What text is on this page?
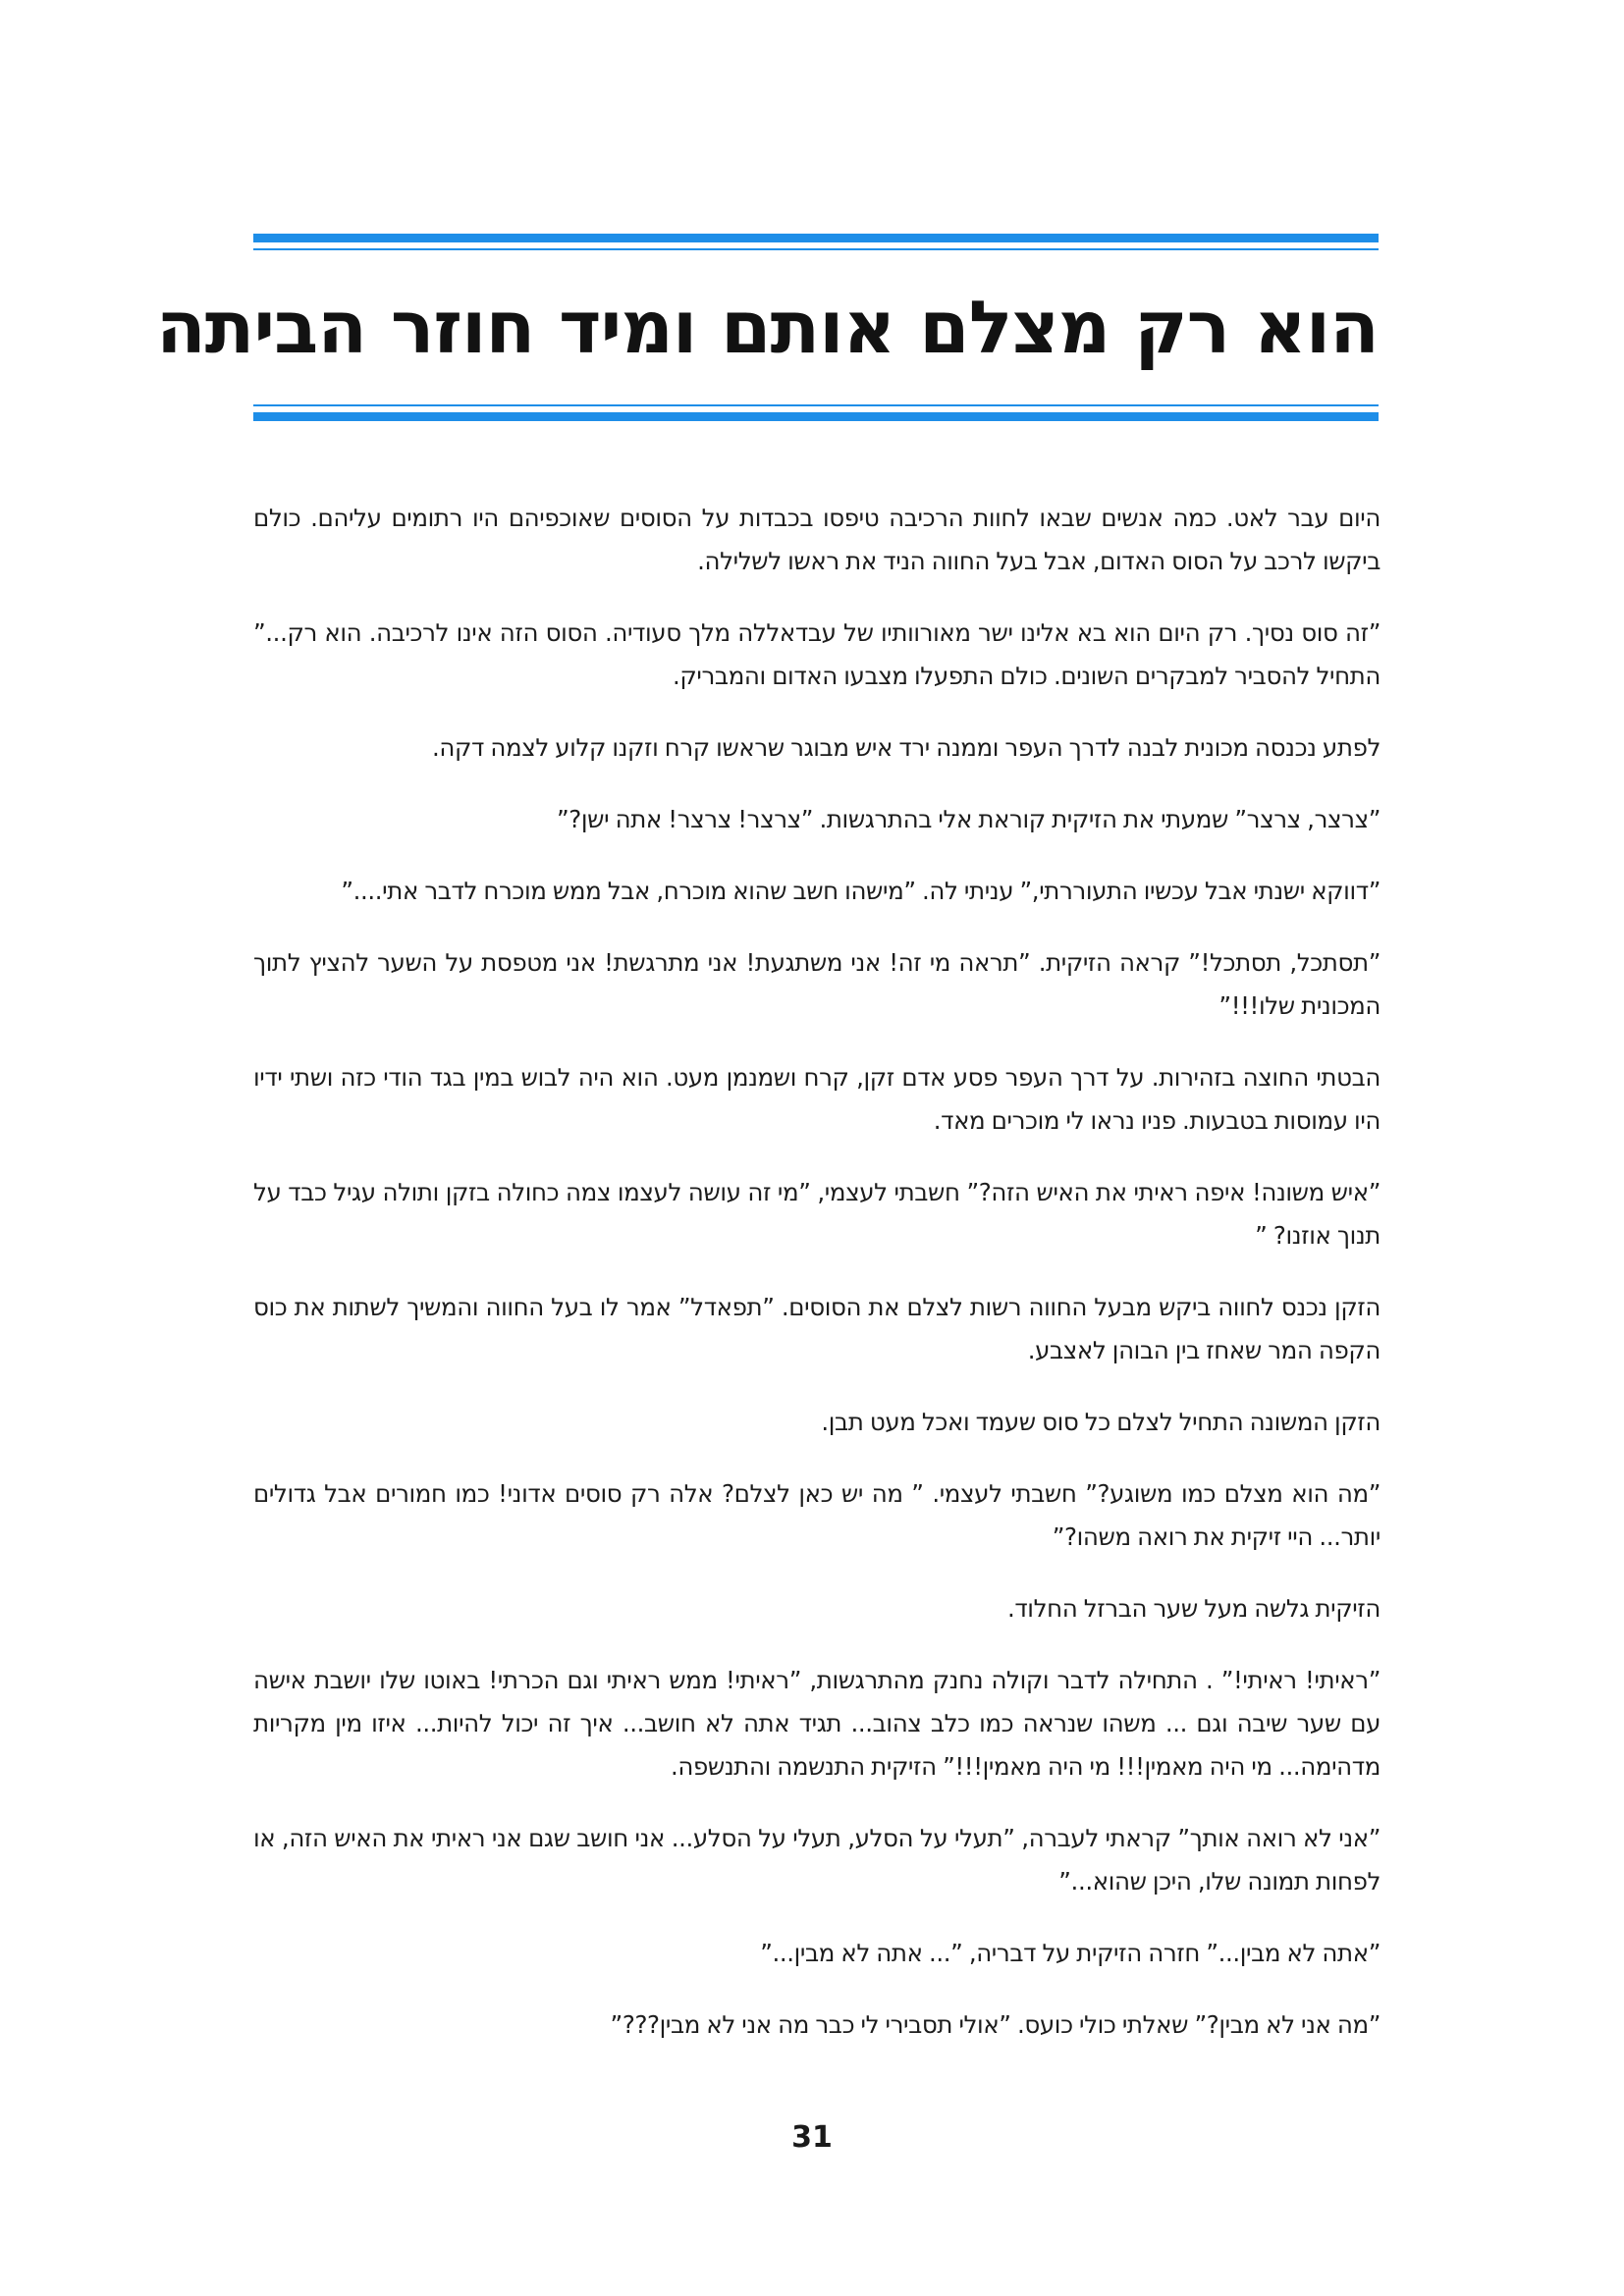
הוא רק מצלם אותם ומיד חוזר הביתה

היום עבר לאט. כמה אנשים שבאו לחוות הרכיבה טיפסו בכבדות על הסוסים שאוכפיהם היו רתומים עליהם. כולם ביקשו לרכב על הסוס האדום, אבל בעל החווה הניד את ראשו לשלילה.

”זה סוס נסיך. רק היום הוא בא אלינו ישר מאורוותיו של עבדאללה מלך סעודיה. הסוס הזה אינו לרכיבה. הוא רק...” התחיל להסביר למבקרים השונים. כולם התפעלו מצבעו האדום והמבריק.

לפתע נכנסה מכונית לבנה לדרך העפר וממנה ירד איש מבוגר שראשו קרח וזקנו קלוע לצמה דקה.

”צרצר, צרצר” שמעתי את הזיקית קוראת אלי בהתרגשות. ”צרצר! צרצר! אתה ישן?”

”דווקא ישנתי אבל עכשיו התעוררתי,” עניתי לה. ”מישהו חשב שהוא מוכרח, אבל ממש מוכרח לדבר אתי....”

”תסתכל, תסתכל!” קראה הזיקית. ”תראה מי זה! אני משתגעת! אני מתרגשת! אני מטפסת על השער להציץ לתוך המכונית שלו!!!”

הבטתי החוצה בזהירות. על דרך העפר פסע אדם זקן, קרח ושמנמן מעט. הוא היה לבוש במין בגד הודי כזה ושתי ידיו היו עמוסות בטבעות. פניו נראו לי מוכרים מאד.

”איש משונה! איפה ראיתי את האיש הזה?” חשבתי לעצמי, ”מי זה עושה לעצמו צמה כחולה בזקן ותולה עגיל כבד על תנוך אוזנו? ”

הזקן נכנס לחווה ביקש מבעל החווה רשות לצלם את הסוסים. ”תפאדל” אמר לו בעל החווה והמשיך לשתות את כוס הקפה המר שאחז בין הבוהן לאצבע.

הזקן המשונה התחיל לצלם כל סוס שעמד ואכל מעט תבן.

”מה הוא מצלם כמו משוגע?” חשבתי לעצמי. ” מה יש כאן לצלם? אלה רק סוסים אדוני! כמו חמורים אבל גדולים יותר... היי זיקית את רואה משהו?”

הזיקית גלשה מעל שער הברזל החלוד.

”ראיתי! ראיתי!” . התחילה לדבר וקולה נחנק מהתרגשות, ”ראיתי! ממש ראיתי וגם הכרתי! באוטו שלו יושבת אישה עם שער שיבה וגם ... משהו שנראה כמו כלב צהוב... תגיד אתה לא חושב... איך זה יכול להיות... איזו מין מקריות מדהימה... מי היה מאמין!!! מי היה מאמין!!!” הזיקית התנשמה והתנשפה.

”אני לא רואה אותך” קראתי לעברה, ”תעלי על הסלע, תעלי על הסלע... אני חושב שגם אני ראיתי את האיש הזה, או לפחות תמונה שלו, היכן שהוא...”

”אתה לא מבין...” חזרה הזיקית על דבריה, ”... אתה לא מבין...”

”מה אני לא מבין?” שאלתי כולי כועס. ”אולי תסבירי לי כבר מה אני לא מבין???”

31
